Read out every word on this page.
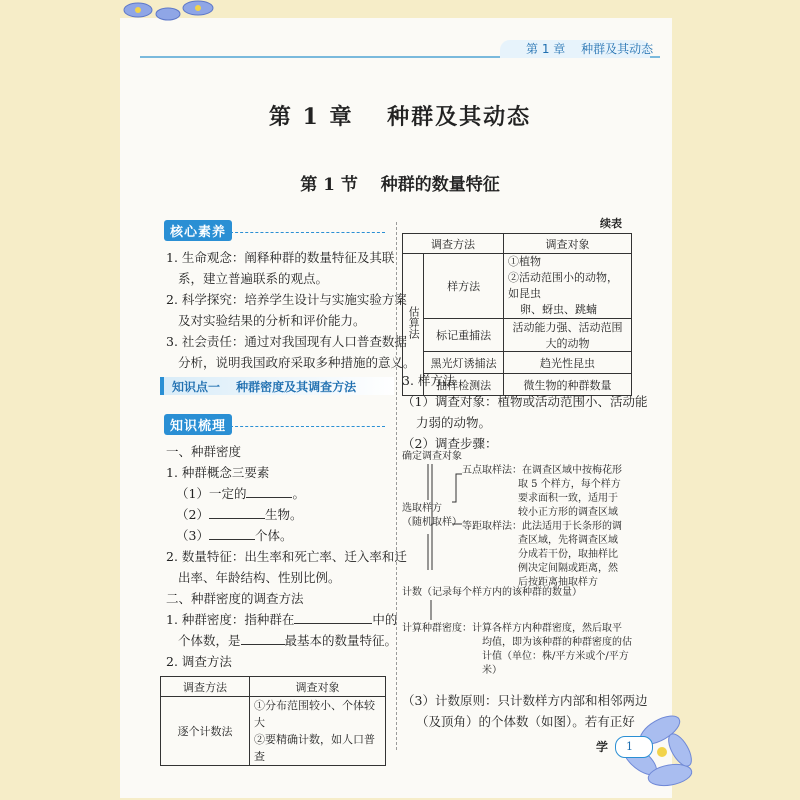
第 1 章 　种群及其动态
第 1 章 　种群及其动态
第 1 节 　种群的数量特征
核心素养
1. 生命观念：阐释种群的数量特征及其联
系，建立普遍联系的观点。
2. 科学探究：培养学生设计与实施实验方案
及对实验结果的分析和评价能力。
3. 社会责任：通过对我国现有人口普查数据
分析，说明我国政府采取多种措施的意义。
知识点一 　种群密度及其调查方法
知识梳理
一、种群密度
1. 种群概念三要素
（1）一定的	。
（2）	生物。
（3）	个体。
2. 数量特征：出生率和死亡率、迁入率和迁
出率、年龄结构、性别比例。
二、种群密度的调查方法
1. 种群密度：指种群在	中的
个体数，是	最基本的数量特征。
2. 调查方法
调查方法	调查对象
逐个计数法	①分布范围较小、个体较大
②要精确计数，如人口普查
续表
调查方法		调查对象
估算法	样方法	①植物
②活动范围小的动物，如昆虫
卵、蚜虫、跳蝻

	标记重捕法	活动能力强、活动范围大的动物
	黑光灯诱捕法	趋光性昆虫
	抽样检测法	微生物的种群数量
3. 样方法
（1）调查对象：植物或活动范围小、活动能
力弱的动物。
（2）调查步骤：
确定调查对象
选取样方
（随机取样）
五点取样法：在调查区域中按梅花形
取 5 个样方，每个样方
要求面积一致，适用于
较小正方形的调查区域
等距取样法：此法适用于长条形的调
查区域，先将调查区域
分成若干份，取抽样比
例决定间隔或距离，然
后按距离抽取样方
计数（记录每个样方内的该种群的数量）
计算种群密度：计算各样方内种群密度，然后取平
均值，即为该种群的种群密度的估
计值（单位：株/平方米或个/平方
米）
（3）计数原则：只计数样方内部和相邻两边
（及顶角）的个体数（如图）。若有正好
学 1
